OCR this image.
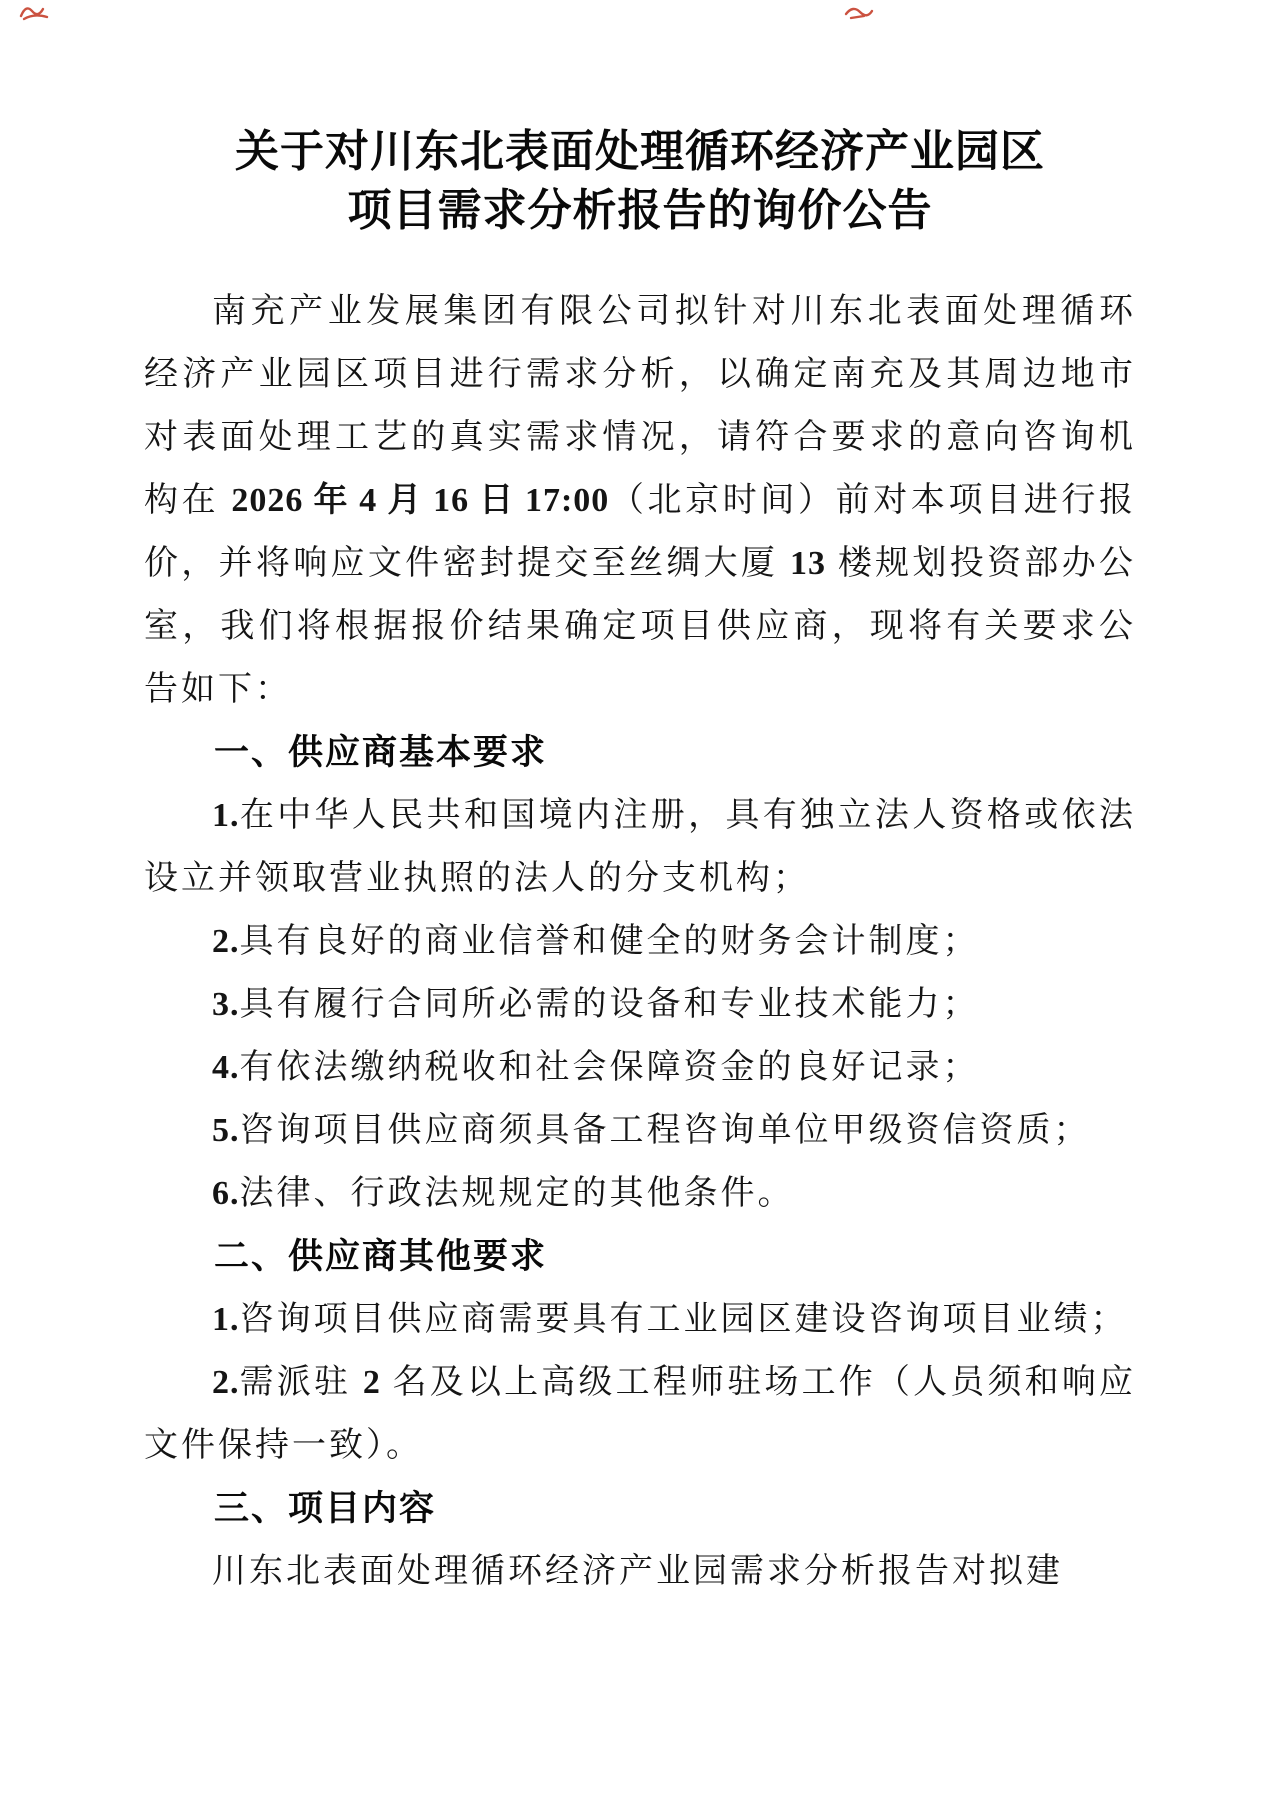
关于对川东北表面处理循环经济产业园区
项目需求分析报告的询价公告

南充产业发展集团有限公司拟针对川东北表面处理循环经济产业园区项目进行需求分析，以确定南充及其周边地市对表面处理工艺的真实需求情况，请符合要求的意向咨询机构在 2026 年 4 月 16 日 17:00（北京时间）前对本项目进行报价，并将响应文件密封提交至丝绸大厦 13 楼规划投资部办公室，我们将根据报价结果确定项目供应商，现将有关要求公告如下：

一、供应商基本要求

1.在中华人民共和国境内注册，具有独立法人资格或依法设立并领取营业执照的法人的分支机构；

2.具有良好的商业信誉和健全的财务会计制度；

3.具有履行合同所必需的设备和专业技术能力；

4.有依法缴纳税收和社会保障资金的良好记录；

5.咨询项目供应商须具备工程咨询单位甲级资信资质；

6.法律、行政法规规定的其他条件。

二、供应商其他要求

1.咨询项目供应商需要具有工业园区建设咨询项目业绩；

2.需派驻 2 名及以上高级工程师驻场工作（人员须和响应文件保持一致）。

三、项目内容

川东北表面处理循环经济产业园需求分析报告对拟建
